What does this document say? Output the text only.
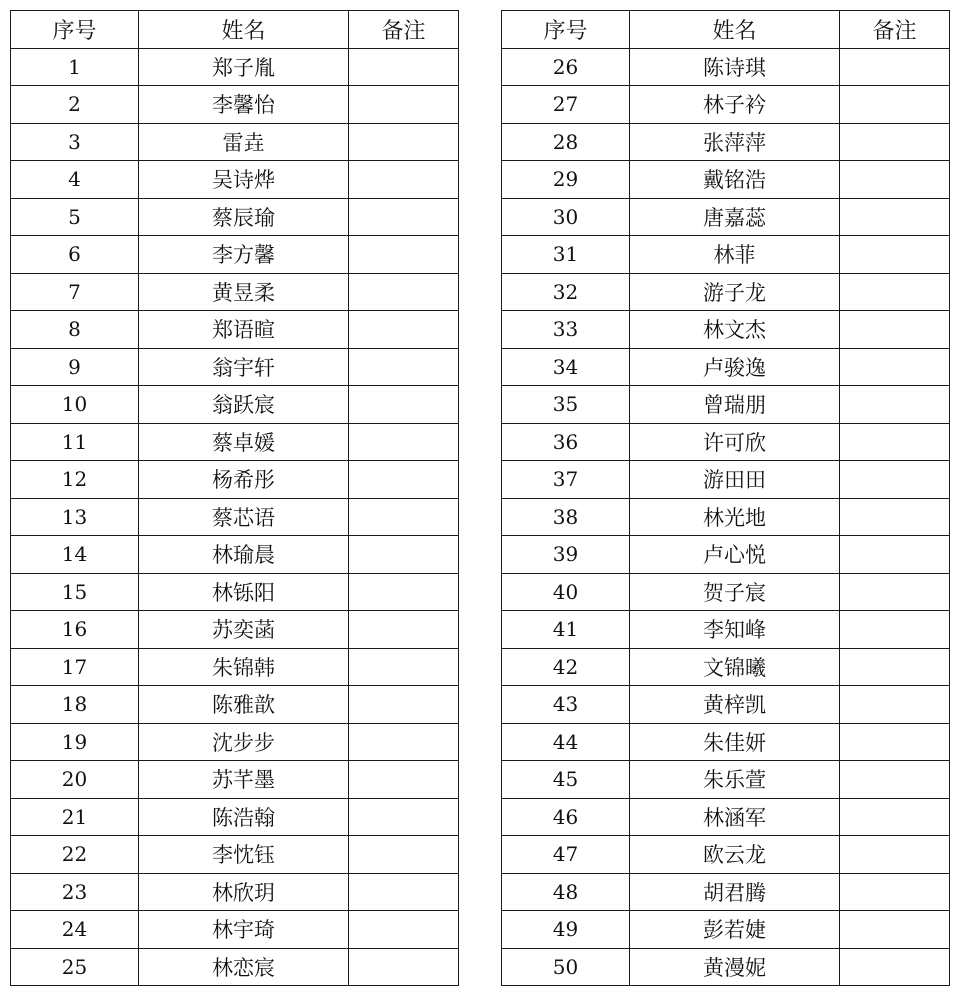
序号	姓名	备注
1	郑子胤	
2	李馨怡	
3	雷垚	
4	吴诗烨	
5	蔡辰瑜	
6	李方馨	
7	黄昱柔	
8	郑语暄	
9	翁宇轩	
10	翁跃宸	
11	蔡卓媛	
12	杨希彤	
13	蔡芯语	
14	林瑜晨	
15	林铄阳	
16	苏奕菡	
17	朱锦韩	
18	陈雅歆	
19	沈步步	
20	苏芊墨	
21	陈浩翰	
22	李忱钰	
23	林欣玥	
24	林宇琦	
25	林恋宸	
序号	姓名	备注
26	陈诗琪	
27	林子衿	
28	张萍萍	
29	戴铭浩	
30	唐嘉蕊	
31	林菲	
32	游子龙	
33	林文杰	
34	卢骏逸	
35	曾瑞朋	
36	许可欣	
37	游田田	
38	林光地	
39	卢心悦	
40	贺子宸	
41	李知峰	
42	文锦曦	
43	黄梓凯	
44	朱佳妍	
45	朱乐萱	
46	林涵军	
47	欧云龙	
48	胡君腾	
49	彭若婕	
50	黄漫妮	
